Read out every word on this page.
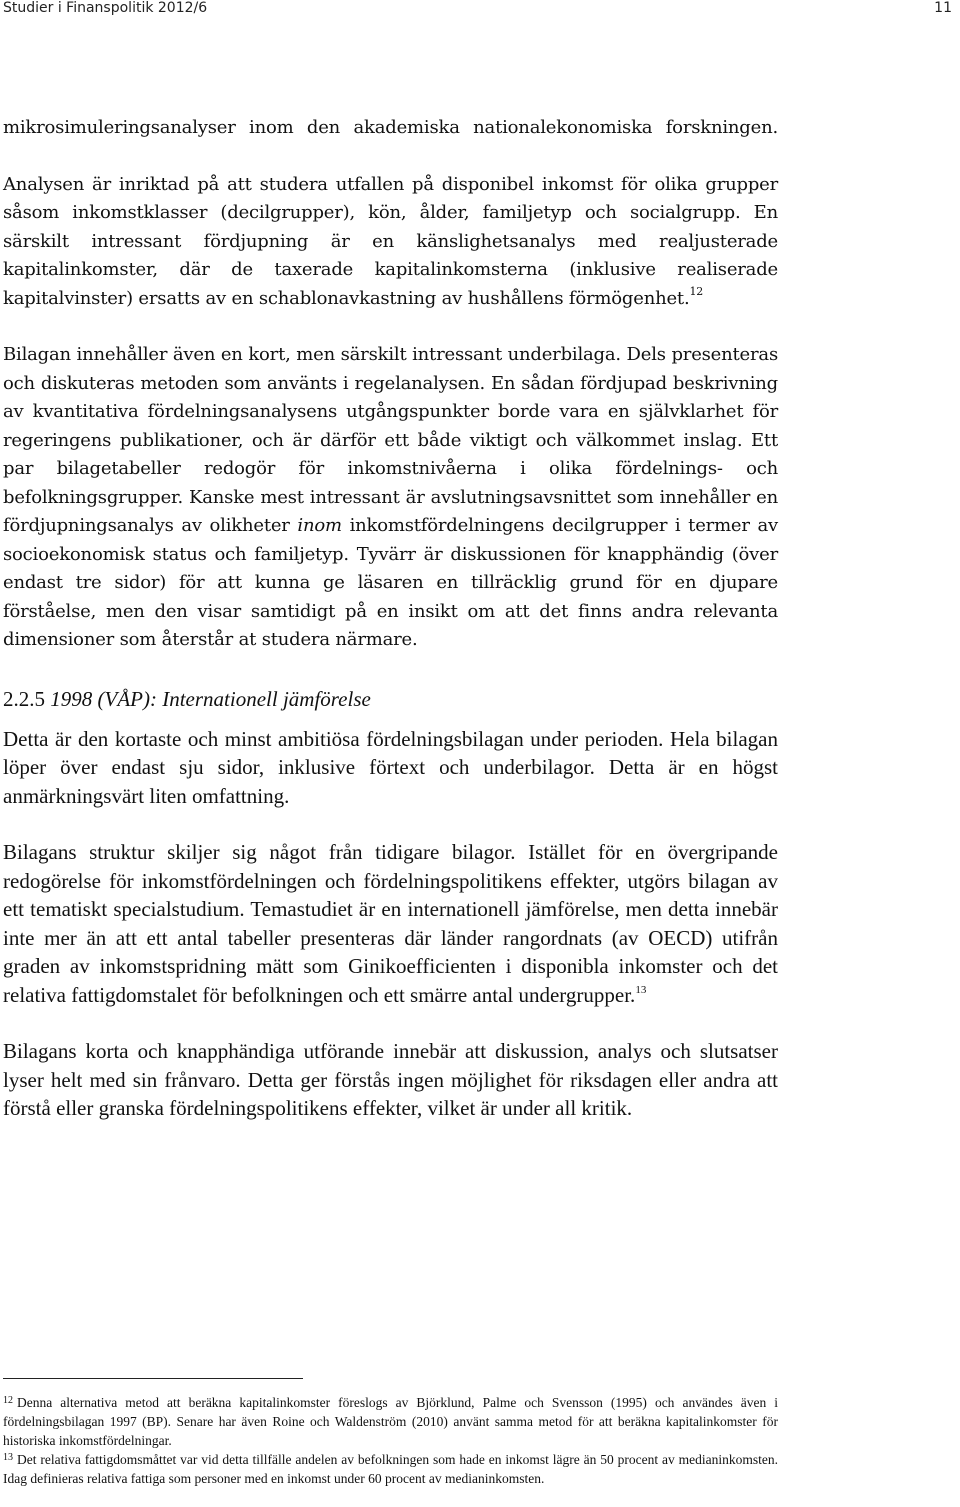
Studier i Finanspolitik 2012/6	11

mikrosimuleringsanalyser inom den akademiska nationalekonomiska forskningen.

Analysen är inriktad på att studera utfallen på disponibel inkomst för olika grupper såsom inkomstklasser (decilgrupper), kön, ålder, familjetyp och socialgrupp. En särskilt intressant fördjupning är en känslighetsanalys med realjusterade kapitalinkomster, där de taxerade kapitalinkomsterna (inklusive realiserade kapitalvinster) ersatts av en schablonavkastning av hushållens förmögenhet.$^{12}$

Bilagan innehåller även en kort, men särskilt intressant underbilaga. Dels presenteras och diskuteras metoden som använts i regelanalysen. En sådan fördjupad beskrivning av kvantitativa fördelningsanalysens utgångspunkter borde vara en självklarhet för regeringens publikationer, och är därför ett både viktigt och välkommet inslag. Ett par bilagetabeller redogör för inkomstnivåerna i olika fördelnings- och befolkningsgrupper. Kanske mest intressant är avslutningsavsnittet som innehåller en fördjupningsanalys av olikheter inom inkomstfördelningens decilgrupper i termer av socioekonomisk status och familjetyp. Tyvärr är diskussionen för knapphändig (över endast tre sidor) för att kunna ge läsaren en tillräcklig grund för en djupare förståelse, men den visar samtidigt på en insikt om att det finns andra relevanta dimensioner som återstår at studera närmare.

2.2.5 1998 (VÅP): Internationell jämförelse

Detta är den kortaste och minst ambitiösa fördelningsbilagan under perioden. Hela bilagan löper över endast sju sidor, inklusive förtext och underbilagor. Detta är en högst anmärkningsvärt liten omfattning.

Bilagans struktur skiljer sig något från tidigare bilagor. Istället för en övergripande redogörelse för inkomstfördelningen och fördelningspolitikens effekter, utgörs bilagan av ett tematiskt specialstudium. Temastudiet är en internationell jämförelse, men detta innebär inte mer än att ett antal tabeller presenteras där länder rangordnats (av OECD) utifrån graden av inkomstspridning mätt som Ginikoefficienten i disponibla inkomster och det relativa fattigdomstalet för befolkningen och ett smärre antal undergrupper.$^{13}$

Bilagans korta och knapphändiga utförande innebär att diskussion, analys och slutsatser lyser helt med sin frånvaro. Detta ger förstås ingen möjlighet för riksdagen eller andra att förstå eller granska fördelningspolitikens effekter, vilket är under all kritik.

$^{12}$ Denna alternativa metod att beräkna kapitalinkomster föreslogs av Björklund, Palme och Svensson (1995) och användes även i fördelningsbilagan 1997 (BP). Senare har även Roine och Waldenström (2010) använt samma metod för att beräkna kapitalinkomster för historiska inkomstfördelningar.

$^{13}$ Det relativa fattigdomsmåttet var vid detta tillfälle andelen av befolkningen som hade en inkomst lägre än 50 procent av medianinkomsten. Idag definieras relativa fattiga som personer med en inkomst under 60 procent av medianinkomsten.
